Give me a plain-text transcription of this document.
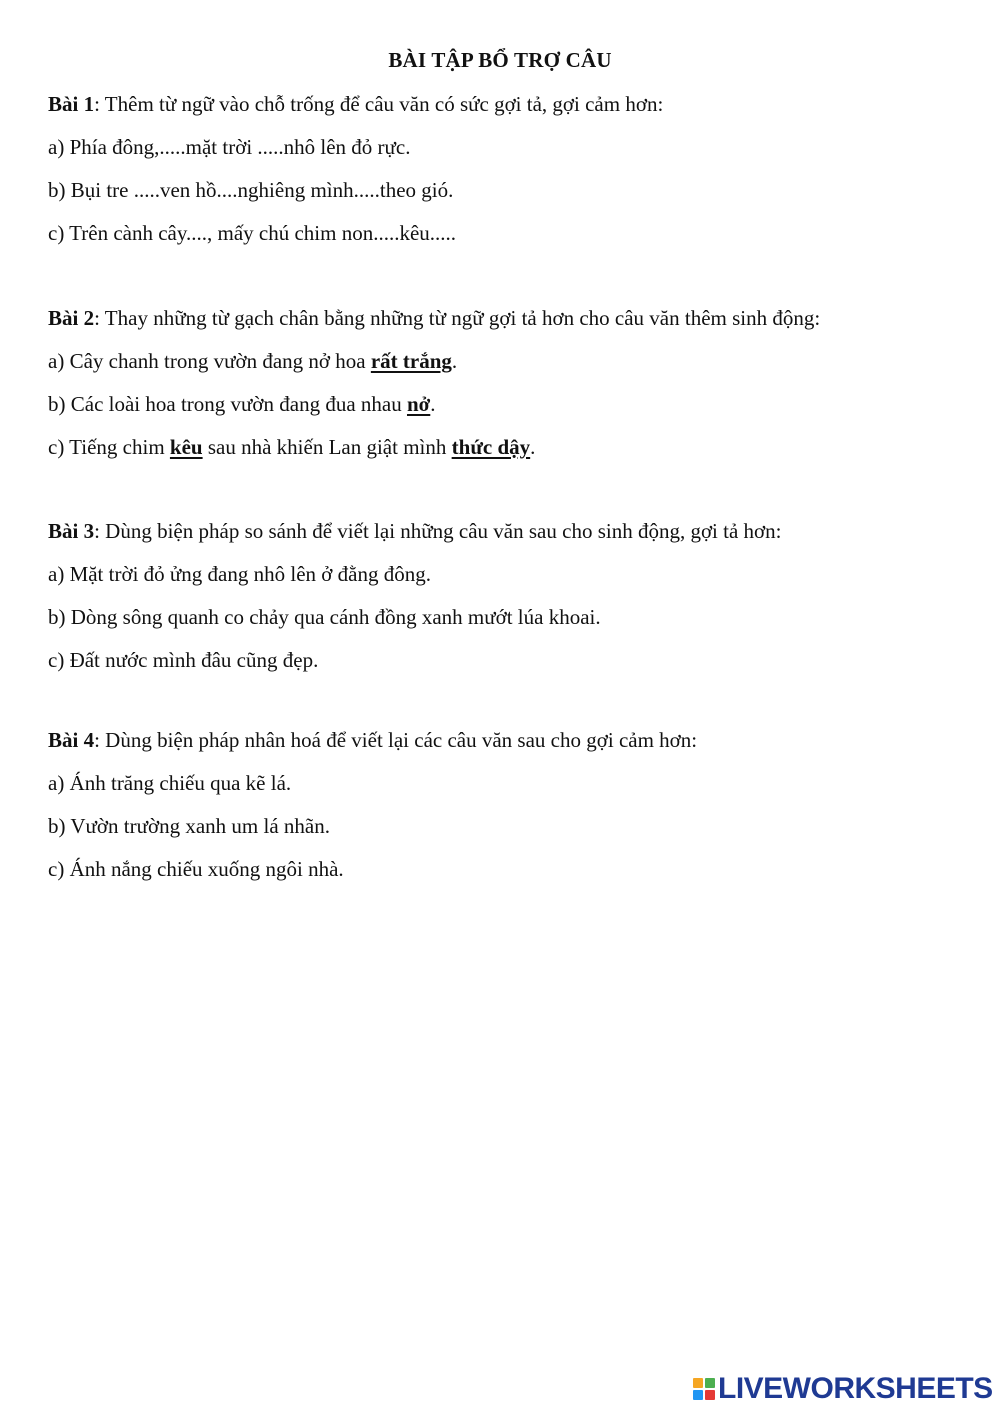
BÀI TẬP BỔ TRỢ CÂU
Bài 1: Thêm từ ngữ vào chỗ trống để câu văn có sức gợi tả, gợi cảm hơn:
a) Phía đông,.....mặt trời .....nhô lên đỏ rực.
b) Bụi tre .....ven hồ....nghiêng mình.....theo gió.
c) Trên cành cây...., mấy chú chim non.....kêu.....
Bài 2: Thay những từ gạch chân bằng những từ ngữ gợi tả hơn cho câu văn thêm sinh động:
a) Cây chanh trong vườn đang nở hoa rất trắng.
b) Các loài hoa trong vườn đang đua nhau nở.
c) Tiếng chim kêu sau nhà khiến Lan giật mình thức dậy.
Bài 3: Dùng biện pháp so sánh để viết lại những câu văn sau cho sinh động, gợi tả hơn:
a) Mặt trời đỏ ửng đang nhô lên ở đằng đông.
b) Dòng sông quanh co chảy qua cánh đồng xanh mướt lúa khoai.
c) Đất nước mình đâu cũng đẹp.
Bài 4: Dùng biện pháp nhân hoá để viết lại các câu văn sau cho gợi cảm hơn:
a) Ánh trăng chiếu qua kẽ lá.
b) Vườn trường xanh um lá nhãn.
c) Ánh nắng chiếu xuống ngôi nhà.
LIVEWORKSHEETS
